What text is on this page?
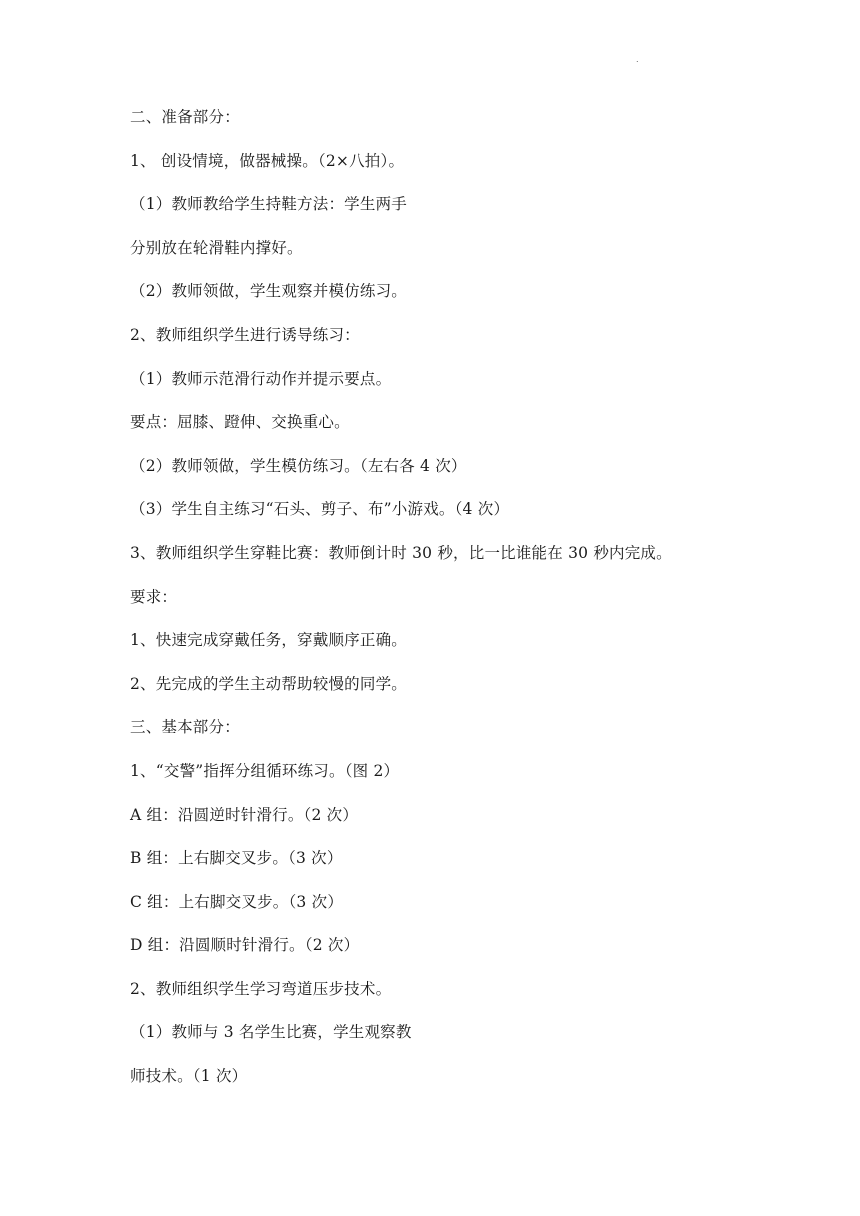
.
二、准备部分：
1、 创设情境，做器械操。（2×八拍）。
（1）教师教给学生持鞋方法：学生两手
分别放在轮滑鞋内撑好。
（2）教师领做，学生观察并模仿练习。
2、教师组织学生进行诱导练习：
（1）教师示范滑行动作并提示要点。
要点：屈膝、蹬伸、交换重心。
（2）教师领做，学生模仿练习。（左右各 4 次）
（3）学生自主练习“石头、剪子、布”小游戏。（4 次）
3、教师组织学生穿鞋比赛：教师倒计时 30 秒，比一比谁能在 30 秒内完成。
要求：
1、快速完成穿戴任务，穿戴顺序正确。
2、先完成的学生主动帮助较慢的同学。
三、基本部分：
1、“交警”指挥分组循环练习。（图 2）
A 组：沿圆逆时针滑行。（2 次）
B 组：上右脚交叉步。（3 次）
C 组：上右脚交叉步。（3 次）
D 组：沿圆顺时针滑行。（2 次）
2、教师组织学生学习弯道压步技术。
（1）教师与 3 名学生比赛，学生观察教
师技术。（1 次）
